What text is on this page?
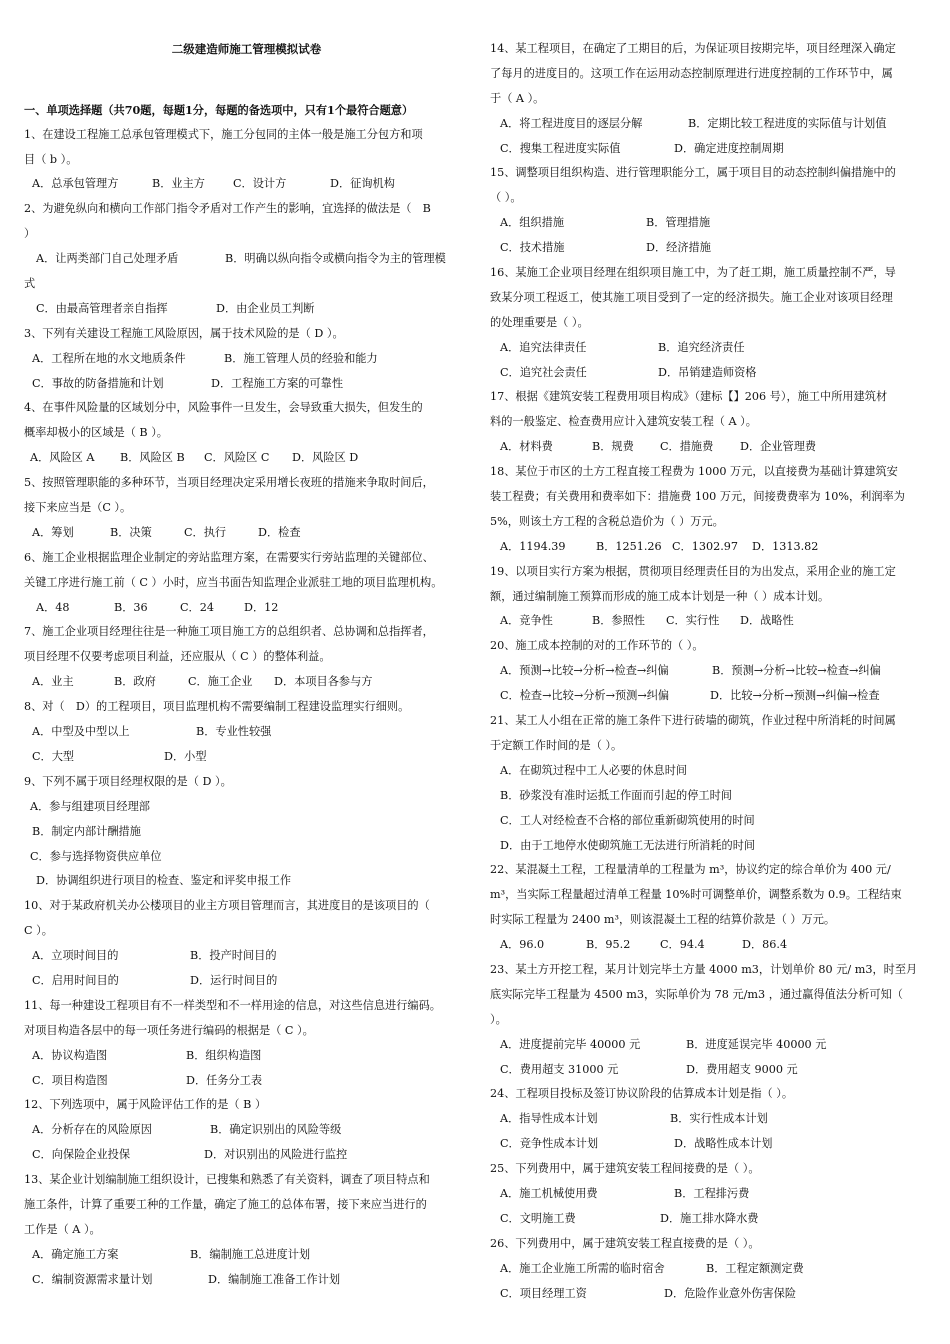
二级建造师施工管理模拟试卷
一、单项选择题（共70题，每题1分，每题的备选项中，只有1个最符合题意）
1、在建设工程施工总承包管理模式下，施工分包同的主体一般是施工分包方和项
目（ b ）。
A．总承包管理方	B．业主方	C．设计方	D．征询机构
2、为避免纵向和横向工作部门指令矛盾对工作产生的影响，宜选择的做法是（　B
）
A．让两类部门自己处理矛盾	B．明确以纵向指令或横向指令为主的管理模
式
C．由最高管理者亲自指挥	D．由企业员工判断
3、下列有关建设工程施工风险原因，属于技术风险的是（ D ）。
A．工程所在地的水文地质条件	B．施工管理人员的经验和能力
C．事故的防备措施和计划	D．工程施工方案的可靠性
4、在事件风险量的区域划分中，风险事件一旦发生，会导致重大损失，但发生的
概率却极小的区域是（ B ）。
A．风险区 A B．风险区 B C．风险区 C D．风险区 D
5、按照管理职能的多种环节，当项目经理决定采用增长夜班的措施来争取时间后，
接下来应当是（C ）。
A．筹划	B．决策	C．执行	D．检查
6、施工企业根据监理企业制定的旁站监理方案，在需要实行旁站监理的关键部位、
关键工序进行施工前（ C ）小时，应当书面告知监理企业派驻工地的项目监理机构。
A．48	B．36	C．24	D．12
7、施工企业项目经理往往是一种施工项目施工方的总组织者、总协调和总指挥者，
项目经理不仅要考虑项目利益，还应服从（ C ）的整体利益。
A．业主	B．政府	C．施工企业 D．本项目各参与方
8、对（　D）的工程项目，项目监理机构不需要编制工程建设监理实行细则。
A．中型及中型以上	B．专业性较强
C．大型	D．小型
9、下列不属于项目经理权限的是（ D ）。
A．参与组建项目经理部
B．制定内部计酬措施
C．参与选择物资供应单位
D．协调组织进行项目的检查、鉴定和评奖申报工作
10、对于某政府机关办公楼项目的业主方项目管理而言，其进度目的是该项目的（
C ）。
A．立项时间目的	B．投产时间目的
C．启用时间目的	D．运行时间目的
11、每一种建设工程项目有不一样类型和不一样用途的信息，对这些信息进行编码。
对项目构造各层中的每一项任务进行编码的根据是（ C ）。
A．协议构造图	B．组织构造图
C．项目构造图	D．任务分工表
12、下列选项中，属于风险评估工作的是（ B ）
A．分析存在的风险原因	B．确定识别出的风险等级
C．向保险企业投保	D．对识别出的风险进行监控
13、某企业计划编制施工组织设计，已搜集和熟悉了有关资料，调查了项目特点和
施工条件，计算了重要工种的工作量，确定了施工的总体布署，接下来应当进行的
工作是（ A ）。
A．确定施工方案	B．编制施工总进度计划
C．编制资源需求量计划	D．编制施工准备工作计划
14、某工程项目，在确定了工期目的后，为保证项目按期完毕，项目经理深入确定
了每月的进度目的。这项工作在运用动态控制原理进行进度控制的工作环节中，属
于（ A ）。
A．将工程进度目的逐层分解	B．定期比较工程进度的实际值与计划值
C．搜集工程进度实际值	D．确定进度控制周期
15、调整项目组织构造、进行管理职能分工，属于项目目的动态控制纠偏措施中的
（ ）。
A．组织措施	B．管理措施
C．技术措施	D．经济措施
16、某施工企业项目经理在组织项目施工中，为了赶工期，施工质量控制不严，导
致某分项工程返工，使其施工项目受到了一定的经济损失。施工企业对该项目经理
的处理重要是（ ）。
A．追究法律责任	B．追究经济责任
C．追究社会责任	D．吊销建造师资格
17、根据《建筑安装工程费用项目构成》（建标【】206 号），施工中所用建筑材
料的一般鉴定、检查费用应计入建筑安装工程（ A ）。
A．材料费	B．规费 C．措施费 D．企业管理费
18、某位于市区的土方工程直接工程费为 1000 万元，以直接费为基础计算建筑安
装工程费；有关费用和费率如下：措施费 100 万元，间接费费率为 10%，利润率为
5%，则该土方工程的含税总造价为（ ）万元。
A．1194.39	B．1251.26 C．1302.97 D．1313.82
19、以项目实行方案为根据，贯彻项目经理责任目的为出发点，采用企业的施工定
额，通过编制施工预算而形成的施工成本计划是一种（ ）成本计划。
A．竞争性	B．参照性 C．实行性 D．战略性
20、施工成本控制的对的工作环节的（ ）。
A．预测→比较→分析→检查→纠偏	B．预测→分析→比较→检查→纠偏
C．检查→比较→分析→预测→纠偏	D．比较→分析→预测→纠偏→检查
21、某工人小组在正常的施工条件下进行砖墙的砌筑，作业过程中所消耗的时间属
于定额工作时间的是（ ）。
A．在砌筑过程中工人必要的休息时间
B．砂浆没有准时运抵工作面而引起的停工时间
C．工人对经检查不合格的部位重新砌筑使用的时间
D．由于工地停水使砌筑施工无法进行所消耗的时间
22、某混凝土工程，工程量清单的工程量为 m³，协议约定的综合单价为 400 元/
m³，当实际工程量超过清单工程量 10%时可调整单价，调整系数为 0.9。工程结束
时实际工程量为 2400 m³，则该混凝土工程的结算价款是（ ）万元。
A．96.0	B．95.2	C．94.4	D．86.4
23、某土方开挖工程，某月计划完毕土方量 4000 m3，计划单价 80 元/ m3，时至月
底实际完毕工程量为 4500 m3，实际单价为 78 元/m3 ，通过赢得值法分析可知（
）。
A．进度提前完毕 40000 元	B．进度延误完毕 40000 元
C．费用超支 31000 元	D．费用超支 9000 元
24、工程项目投标及签订协议阶段的估算成本计划是指（ ）。
A．指导性成本计划	B．实行性成本计划
C．竞争性成本计划	D．战略性成本计划
25、下列费用中，属于建筑安装工程间接费的是（ ）。
A．施工机械使用费	B．工程排污费
C．文明施工费	D．施工排水降水费
26、下列费用中，属于建筑安装工程直接费的是（ ）。
A．施工企业施工所需的临时宿舍	B．工程定额测定费
C．项目经理工资	D．危险作业意外伤害保险
